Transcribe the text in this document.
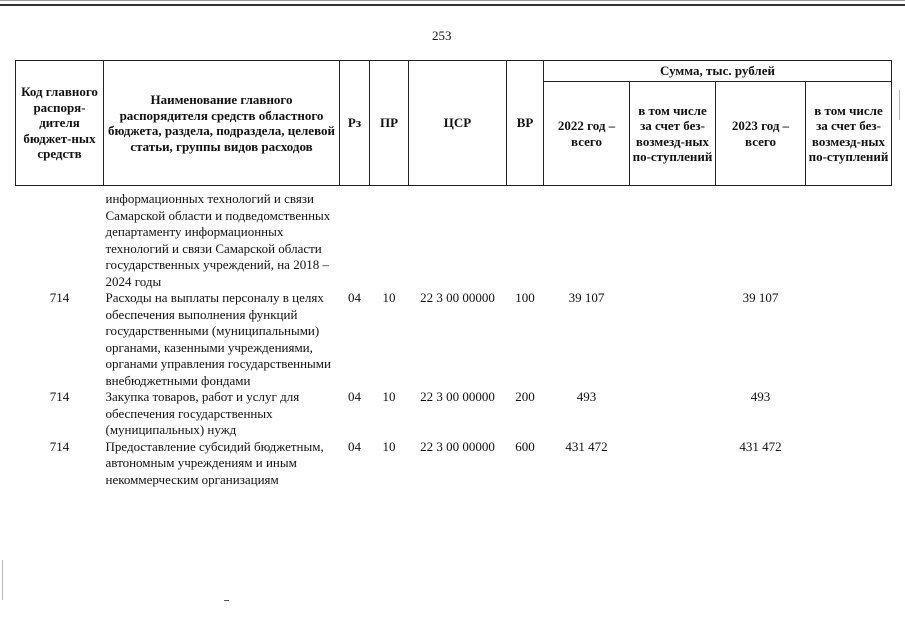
253
Код главного распоря-дителя бюджет-ных средств	Наименование главного распорядителя средств областного бюджета, раздела, подраздела, целевой статьи, группы видов расходов	Рз	ПР	ЦСР	ВР	Сумма, тыс. рублей			
						2022 год – всего	в том числе за счет без-возмезд-ных по-ступлений	2023 год – всего	в том числе за счет без-возмезд-ных по-ступлений
	информационных технологий и связи Самарской области и подведомственных департаменту информационных технологий и связи Самарской области государственных учреждений, на 2018 – 2024 годы								
714	Расходы на выплаты персоналу в целях обеспечения выполнения функций государственными (муниципальными) органами, казенными учреждениями, органами управления государственными внебюджетными фондами	04	10	22 3 00 00000	100	39 107		39 107	
714	Закупка товаров, работ и услуг для обеспечения государственных (муниципальных) нужд	04	10	22 3 00 00000	200	493		493	
714	Предоставление субсидий бюджетным, автономным учреждениям и иным некоммерческим организациям	04	10	22 3 00 00000	600	431 472		431 472	
